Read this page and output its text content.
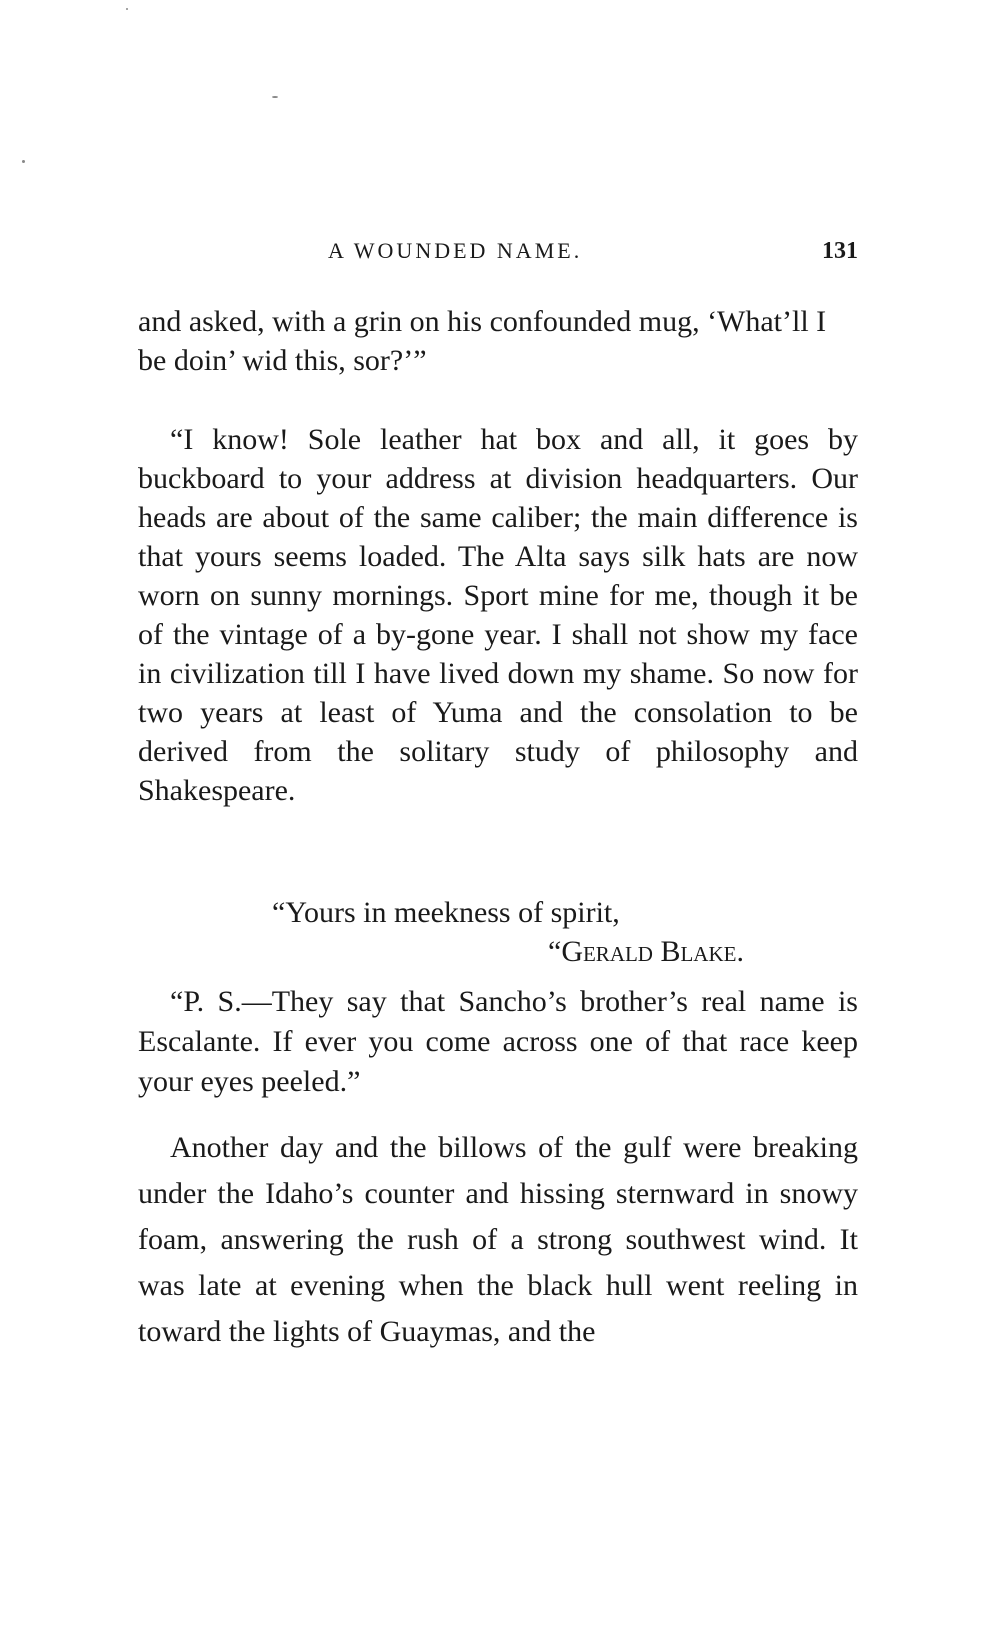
A WOUNDED NAME.	131

and asked, with a grin on his confounded mug, ‘What’ll I be doin’ wid this, sor?’”

“I know! Sole leather hat box and all, it goes by buckboard to your address at division headquarters. Our heads are about of the same caliber; the main difference is that yours seems loaded. The Alta says silk hats are now worn on sunny mornings. Sport mine for me, though it be of the vintage of a by-gone year. I shall not show my face in civilization till I have lived down my shame. So now for two years at least of Yuma and the consolation to be derived from the solitary study of philosophy and Shakespeare.

“Yours in meekness of spirit,
“Gerald Blake.

“P. S.—They say that Sancho’s brother’s real name is Escalante. If ever you come across one of that race keep your eyes peeled.”

Another day and the billows of the gulf were breaking under the Idaho’s counter and hissing sternward in snowy foam, answering the rush of a strong southwest wind. It was late at evening when the black hull went reeling in toward the lights of Guaymas, and the
